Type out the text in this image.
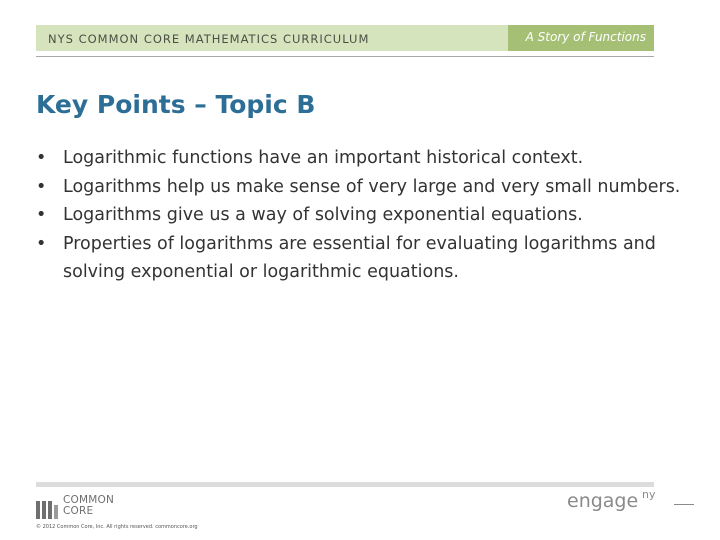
NYS COMMON CORE MATHEMATICS CURRICULUM	A Story of Functions
Key Points – Topic B
• Logarithmic functions have an important historical context.
• Logarithms help us make sense of very large and very small numbers.
• Logarithms give us a way of solving exponential equations.
• Properties of logarithms are essential for evaluating logarithms and solving exponential or logarithmic equations.
COMMON
CORE
© 2012 Common Core, Inc. All rights reserved. commoncore.org
engage ny
